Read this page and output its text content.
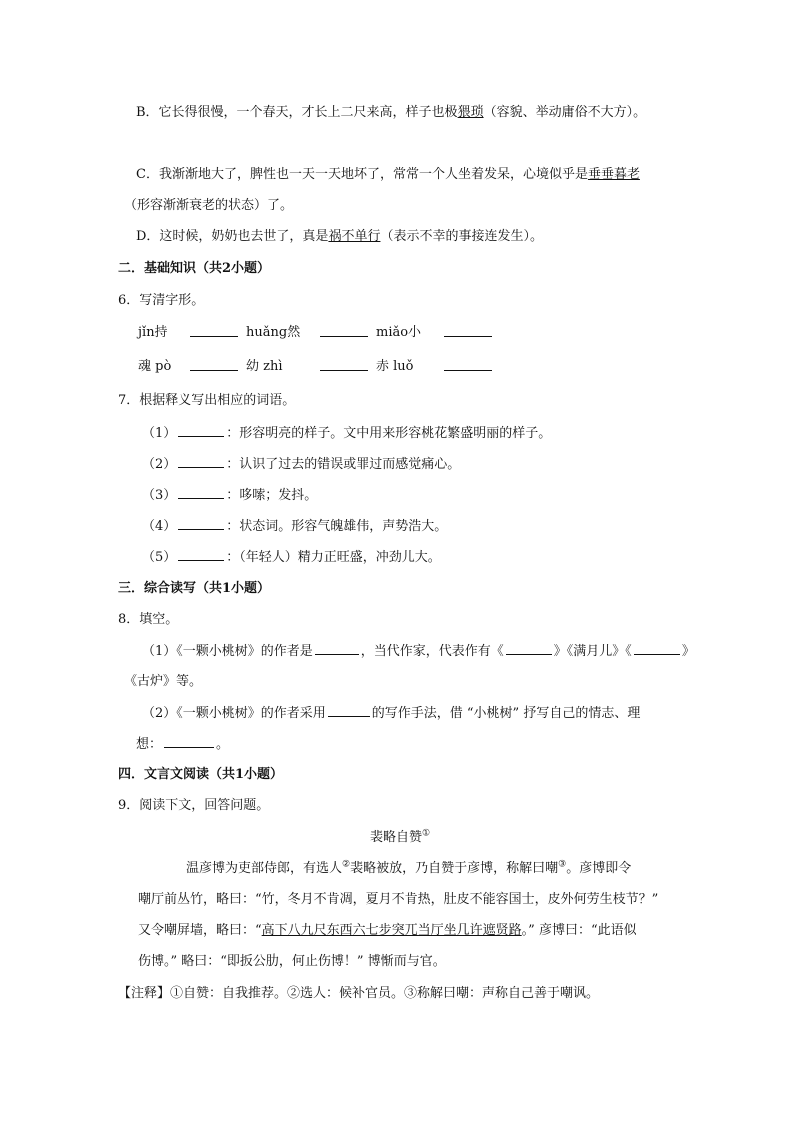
B．它长得很慢，一个春天，才长上二尺来高，样子也极猥琐（容貌、举动庸俗不大方）。
C．我渐渐地大了，脾性也一天一天地坏了，常常一个人坐着发呆，心境似乎是垂垂暮老
（形容渐渐衰老的状态）了。
D．这时候，奶奶也去世了，真是祸不单行（表示不幸的事接连发生）。
二．基础知识（共2小题）
6．写清字形。
jǐn持	huǎng然	miǎo小
魂 pò	幼 zhì	赤 luǒ
7．根据释义写出相应的词语。
（1）	：形容明亮的样子。文中用来形容桃花繁盛明丽的样子。
（2）	：认识了过去的错误或罪过而感觉痛心。
（3）	：哆嗦；发抖。
（4）	：状态词。形容气魄雄伟，声势浩大。
（5）	：（年轻人）精力正旺盛，冲劲儿大。
三．综合读写（共1小题）
8．填空。
（1）《一颗小桃树》的作者是	，当代作家，代表作有《	》《满月儿》《	》
《古炉》等。
（2）《一颗小桃树》的作者采用	的写作手法，借 “小桃树” 抒写自己的情志、理
想：	。
四．文言文阅读（共1小题）
9．阅读下文，回答问题。
裴略自赞①
温彦博为吏部侍郎，有选人②裴略被放，乃自赞于彦博，称解曰嘲③。彦博即令
嘲厅前丛竹，略曰：“竹，冬月不肯凋，夏月不肯热，肚皮不能容国士，皮外何劳生枝节？”
又令嘲屏墙，略曰：“高下八九尺东西六七步突兀当厅坐几许遮贤路。” 彦博曰：“此语似
伤博。” 略曰：“即扳公肋，何止伤博！” 博惭而与官。
【注释】①自赞：自我推荐。②选人：候补官员。③称解曰嘲：声称自己善于嘲讽。
